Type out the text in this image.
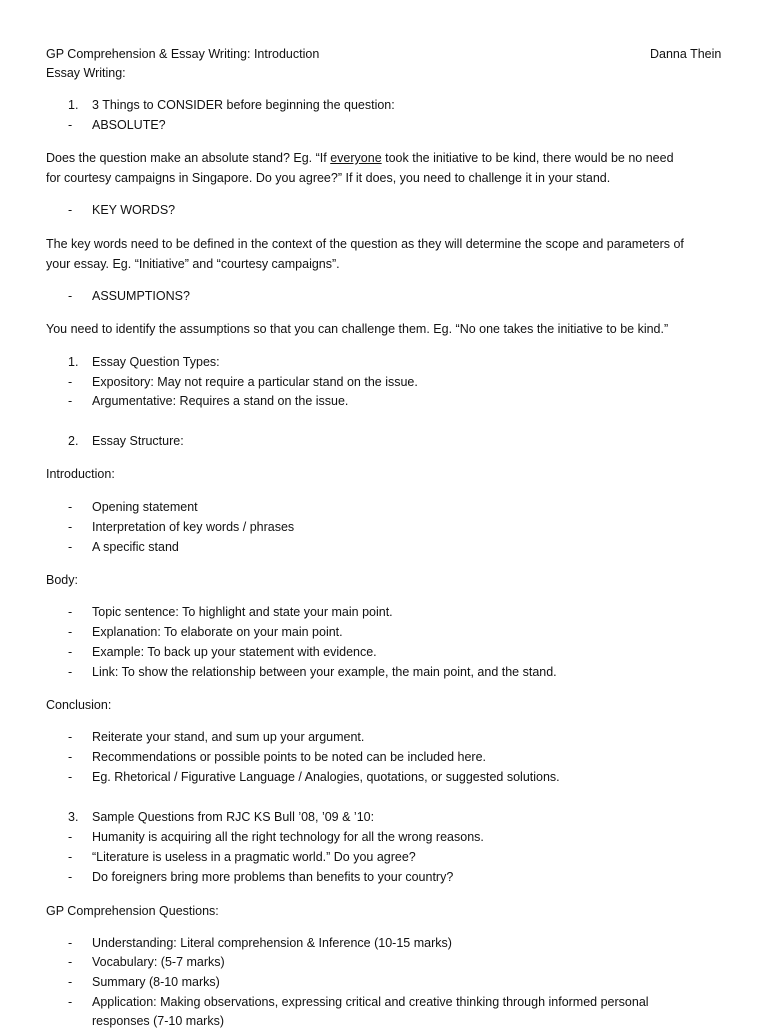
GP Comprehension & Essay Writing: Introduction	Danna Thein
Essay Writing:
1. 3 Things to CONSIDER before beginning the question:
-	ABSOLUTE?
Does the question make an absolute stand? Eg. “If everyone took the initiative to be kind, there would be no need
for courtesy campaigns in Singapore. Do you agree?” If it does, you need to challenge it in your stand.
-	KEY WORDS?
The key words need to be defined in the context of the question as they will determine the scope and parameters of
your essay. Eg. “Initiative” and “courtesy campaigns”.
-	ASSUMPTIONS?
You need to identify the assumptions so that you can challenge them. Eg. “No one takes the initiative to be kind.”
1. Essay Question Types:
-	Expository: May not require a particular stand on the issue.
-	Argumentative: Requires a stand on the issue.
2. Essay Structure:
Introduction:
-	Opening statement
-	Interpretation of key words / phrases
-	A specific stand
Body:
-	Topic sentence: To highlight and state your main point.
-	Explanation: To elaborate on your main point.
-	Example: To back up your statement with evidence.
-	Link: To show the relationship between your example, the main point, and the stand.
Conclusion:
-	Reiterate your stand, and sum up your argument.
-	Recommendations or possible points to be noted can be included here.
-	Eg. Rhetorical / Figurative Language / Analogies, quotations, or suggested solutions.
3. Sample Questions from RJC KS Bull ’08, ’09 & ’10:
-	Humanity is acquiring all the right technology for all the wrong reasons.
-	“Literature is useless in a pragmatic world.” Do you agree?
-	Do foreigners bring more problems than benefits to your country?
GP Comprehension Questions:
-	Understanding: Literal comprehension & Inference (10-15 marks)
-	Vocabulary: (5-7 marks)
-	Summary (8-10 marks)
-	Application: Making observations, expressing critical and creative thinking through informed personal
responses (7-10 marks)
